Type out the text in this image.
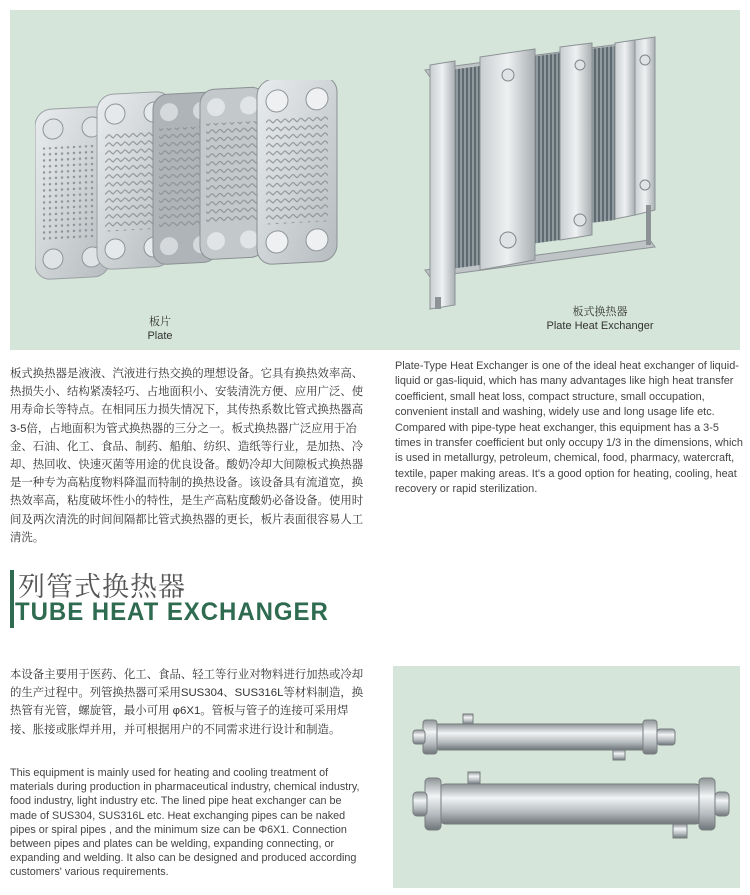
板片
Plate
板式换热器
Plate Heat Exchanger
板式换热器是液液、汽液进行热交换的理想设备。它具有换热效率高、热损失小、结构紧凑轻巧、占地面积小、安装清洗方便、应用广泛、使用寿命长等特点。在相同压力损失情况下，其传热系数比管式换热器高3-5倍，占地面积为管式换热器的三分之一。板式换热器广泛应用于冶金、石油、化工、食品、制药、船舶、纺织、造纸等行业，是加热、冷却、热回收、快速灭菌等用途的优良设备。酸奶冷却大间隙板式换热器是一种专为高粘度物料降温而特制的换热设备。该设备具有流道宽，换热效率高，粘度破坏性小的特性，是生产高粘度酸奶必备设备。使用时间及两次清洗的时间间隔都比管式换热器的更长，板片表面很容易人工清洗。
Plate-Type Heat Exchanger is one of the ideal heat exchanger of liquid-liquid or gas-liquid, which has many advantages like high heat transfer coefficient, small heat loss, compact structure, small occupation, convenient install and washing, widely use and long usage life etc. Compared with pipe-type heat exchanger, this equipment has a 3-5 times in transfer coefficient but only occupy 1/3 in the dimensions, which is used in metallurgy, petroleum, chemical, food, pharmacy, watercraft, textile, paper making areas. It's a good option for heating, cooling, heat recovery or rapid sterilization.
列管式换热器
TUBE HEAT EXCHANGER
本设备主要用于医药、化工、食品、轻工等行业对物料进行加热或冷却的生产过程中。列管换热器可采用SUS304、SUS316L等材料制造，换热管有光管，螺旋管，最小可用 φ6X1。管板与管子的连接可采用焊接、胀接或胀焊并用，并可根据用户的不同需求进行设计和制造。
This equipment is mainly used for heating and cooling treatment of materials during production in pharmaceutical industry, chemical industry, food industry, light industry etc. The lined pipe heat exchanger can be made of SUS304, SUS316L etc. Heat exchanging pipes can be naked pipes or spiral pipes , and the minimum size can be Φ6X1. Connection between pipes and plates can be welding, expanding connecting, or expanding and welding. It also can be designed and produced according customers' various requirements.
